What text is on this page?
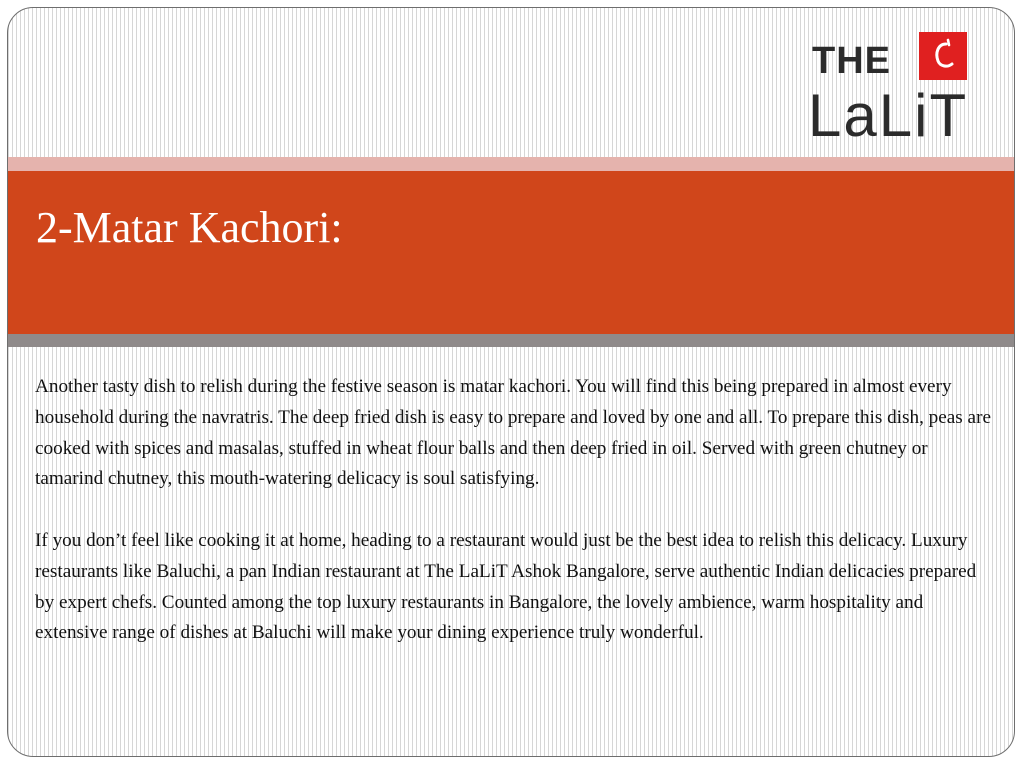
THE
LaLiT
2-Matar Kachori:

Another tasty dish to relish during the festive season is matar kachori. You will find this being prepared in almost every household during the navratris. The deep fried dish is easy to prepare and loved by one and all. To prepare this dish, peas are cooked with spices and masalas, stuffed in wheat flour balls and then deep fried in oil. Served with green chutney or tamarind chutney, this mouth-watering delicacy is soul satisfying.

If you don’t feel like cooking it at home, heading to a restaurant would just be the best idea to relish this delicacy. Luxury restaurants like Baluchi, a pan Indian restaurant at The LaLiT Ashok Bangalore, serve authentic Indian delicacies prepared by expert chefs. Counted among the top luxury restaurants in Bangalore, the lovely ambience, warm hospitality and extensive range of dishes at Baluchi will make your dining experience truly wonderful.
